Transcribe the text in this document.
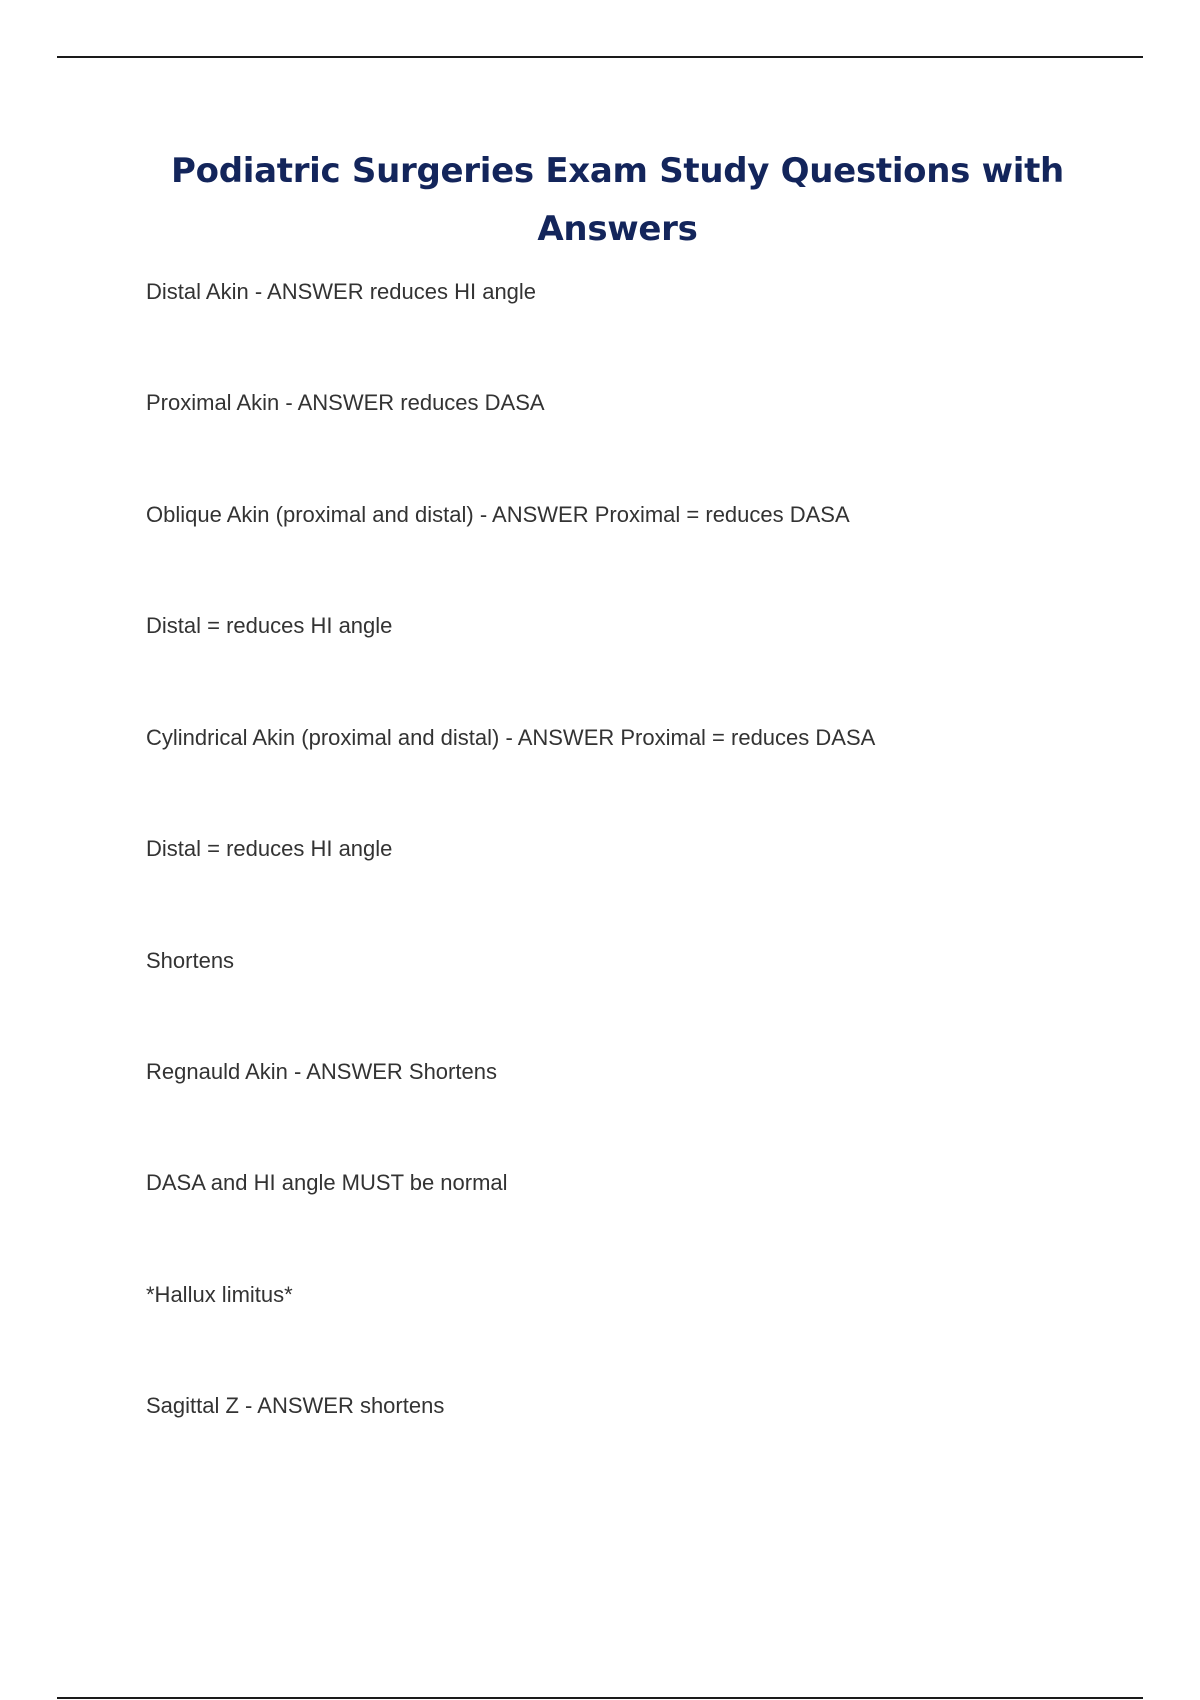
Podiatric Surgeries Exam Study Questions with Answers
Distal Akin - ANSWER reduces HI angle
Proximal Akin - ANSWER reduces DASA
Oblique Akin (proximal and distal) - ANSWER Proximal = reduces DASA
Distal = reduces HI angle
Cylindrical Akin (proximal and distal) - ANSWER Proximal = reduces DASA
Distal = reduces HI angle
Shortens
Regnauld Akin - ANSWER Shortens
DASA and HI angle MUST be normal
*Hallux limitus*
Sagittal Z - ANSWER shortens
